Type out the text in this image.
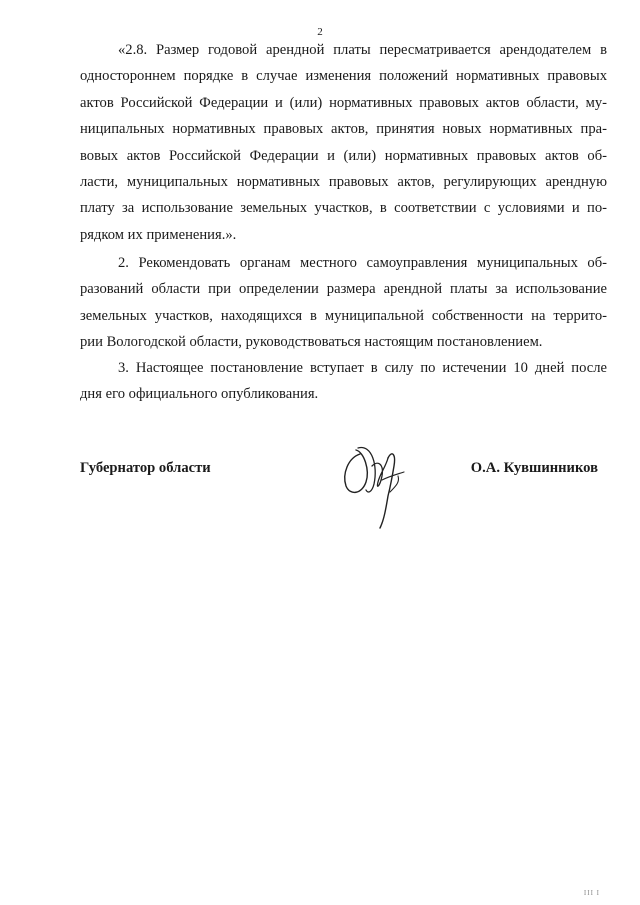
2
«2.8. Размер годовой арендной платы пересматривается арендодателем в
одностороннем порядке в случае изменения положений нормативных правовых
актов Российской Федерации и (или) нормативных правовых актов области, му-
ниципальных нормативных правовых актов, принятия новых нормативных пра-
вовых актов Российской Федерации и (или) нормативных правовых актов об-
ласти, муниципальных нормативных правовых актов, регулирующих арендную
плату за использование земельных участков, в соответствии с условиями и по-
рядком их применения.».
2. Рекомендовать органам местного самоуправления муниципальных об-
разований области при определении размера арендной платы за использование
земельных участков, находящихся в муниципальной собственности на террито-
рии Вологодской области, руководствоваться настоящим постановлением.
3. Настоящее постановление вступает в силу по истечении 10 дней после
дня его официального опубликования.
Губернатор области	О.А. Кувшинников
III I
